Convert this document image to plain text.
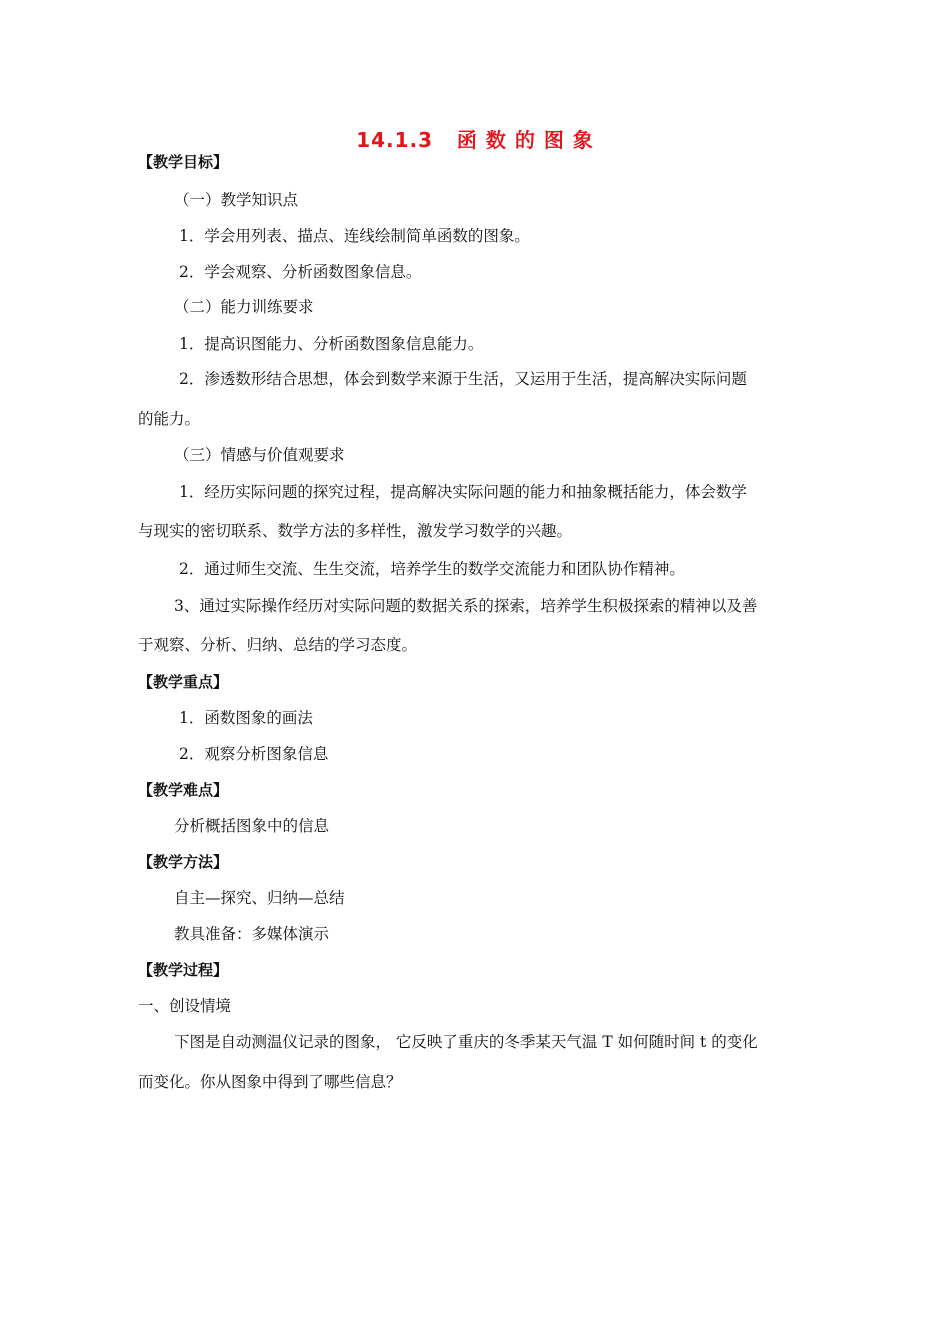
14.1.3   函 数 的 图 象
【教学目标】
（一）教学知识点
1．学会用列表、描点、连线绘制简单函数的图象。
2．学会观察、分析函数图象信息。
（二）能力训练要求
1．提高识图能力、分析函数图象信息能力。
2．渗透数形结合思想，体会到数学来源于生活，又运用于生活，提高解决实际问题
的能力。
（三）情感与价值观要求
1．经历实际问题的探究过程，提高解决实际问题的能力和抽象概括能力，体会数学
与现实的密切联系、数学方法的多样性，激发学习数学的兴趣。
2．通过师生交流、生生交流，培养学生的数学交流能力和团队协作精神。
3、通过实际操作经历对实际问题的数据关系的探索，培养学生积极探索的精神以及善
于观察、分析、归纳、总结的学习态度。
【教学重点】
1．函数图象的画法
2．观察分析图象信息
【教学难点】
分析概括图象中的信息
【教学方法】
自主—探究、归纳—总结
教具准备：多媒体演示
【教学过程】
一、创设情境
下图是自动测温仪记录的图象， 它反映了重庆的冬季某天气温 T 如何随时间 t 的变化
而变化。你从图象中得到了哪些信息？
